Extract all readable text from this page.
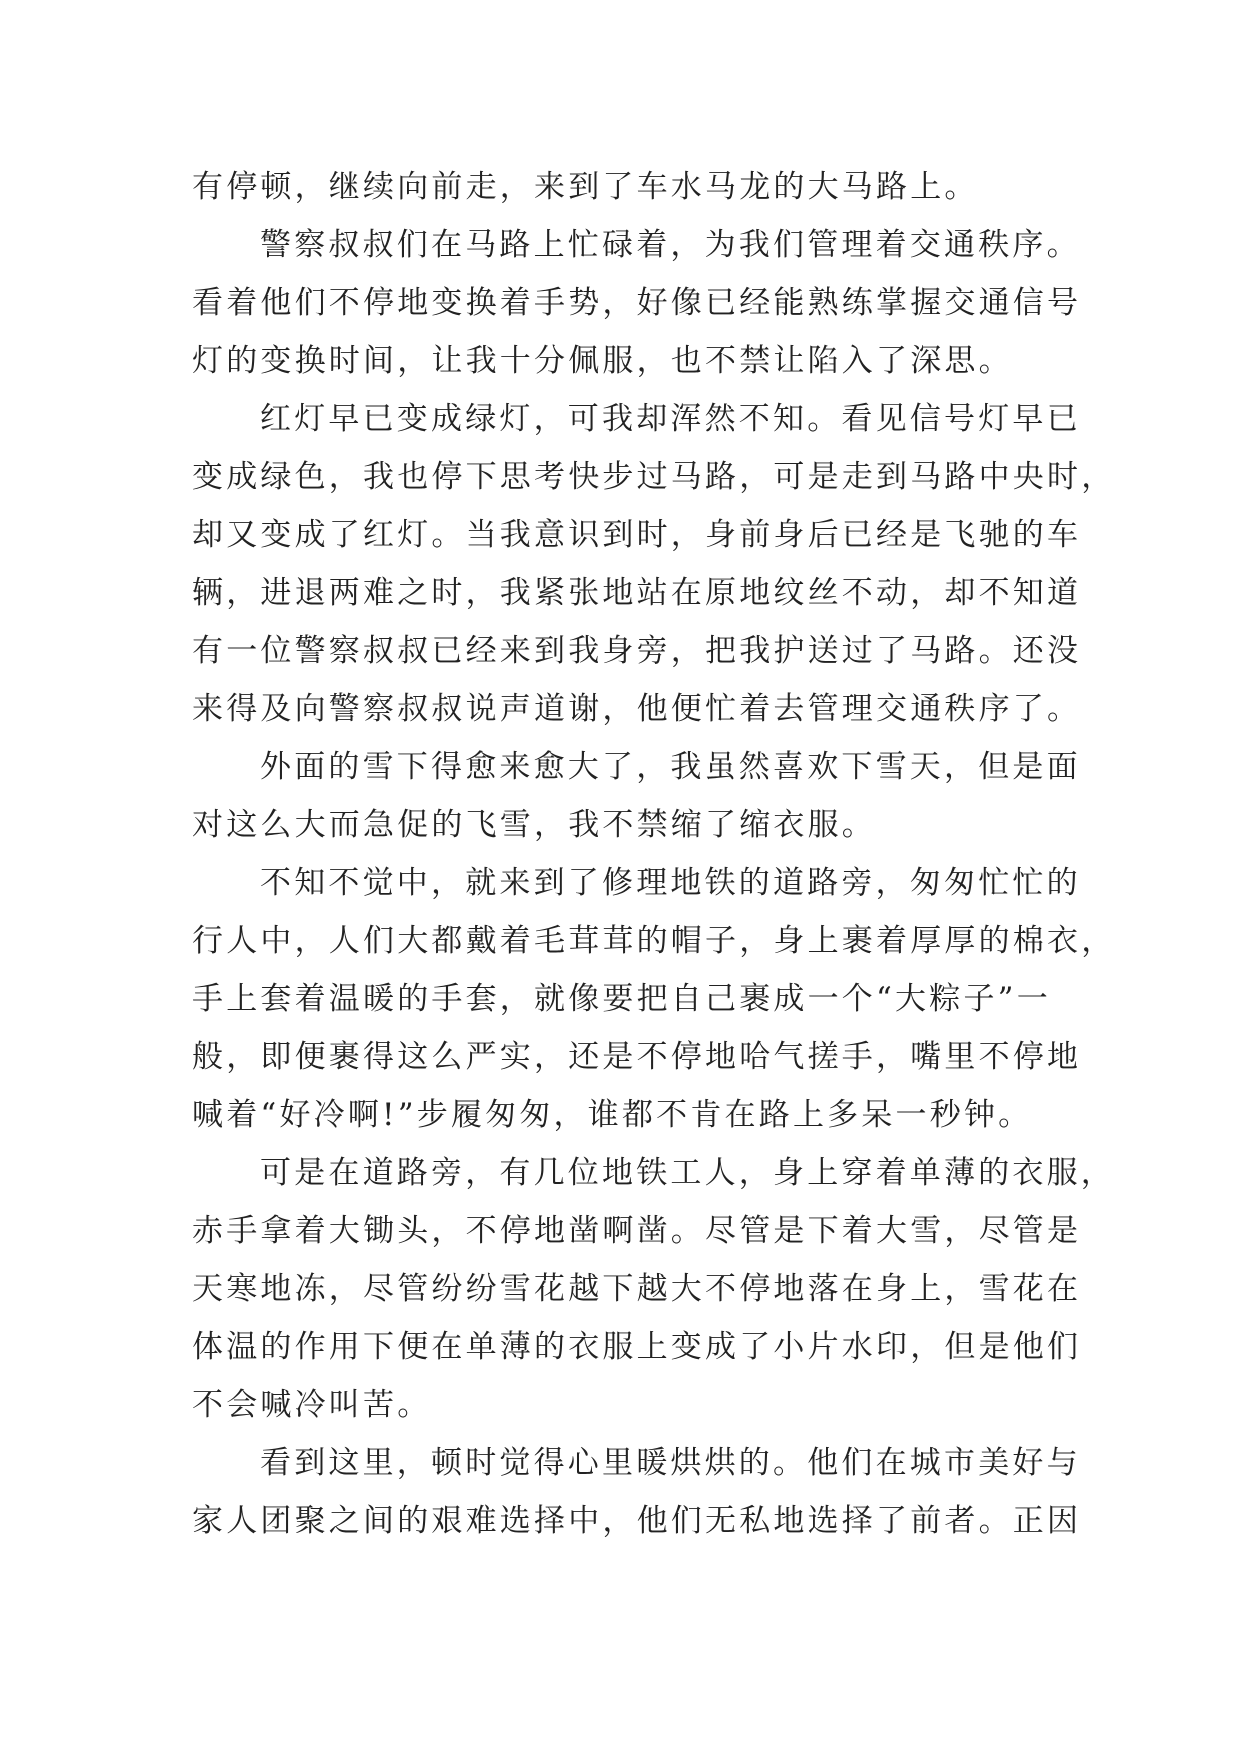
有停顿，继续向前走，来到了车水马龙的大马路上。
警察叔叔们在马路上忙碌着，为我们管理着交通秩序。
看着他们不停地变换着手势，好像已经能熟练掌握交通信号
灯的变换时间，让我十分佩服，也不禁让陷入了深思。
红灯早已变成绿灯，可我却浑然不知。看见信号灯早已
变成绿色，我也停下思考快步过马路，可是走到马路中央时，
却又变成了红灯。当我意识到时，身前身后已经是飞驰的车
辆，进退两难之时，我紧张地站在原地纹丝不动，却不知道
有一位警察叔叔已经来到我身旁，把我护送过了马路。还没
来得及向警察叔叔说声道谢，他便忙着去管理交通秩序了。
外面的雪下得愈来愈大了，我虽然喜欢下雪天，但是面
对这么大而急促的飞雪，我不禁缩了缩衣服。
不知不觉中，就来到了修理地铁的道路旁，匆匆忙忙的
行人中，人们大都戴着毛茸茸的帽子，身上裹着厚厚的棉衣，
手上套着温暖的手套，就像要把自己裹成一个“大粽子”一
般，即便裹得这么严实，还是不停地哈气搓手，嘴里不停地
喊着“好冷啊!”步履匆匆，谁都不肯在路上多呆一秒钟。
可是在道路旁，有几位地铁工人，身上穿着单薄的衣服，
赤手拿着大锄头，不停地凿啊凿。尽管是下着大雪，尽管是
天寒地冻，尽管纷纷雪花越下越大不停地落在身上，雪花在
体温的作用下便在单薄的衣服上变成了小片水印，但是他们
不会喊冷叫苦。
看到这里，顿时觉得心里暖烘烘的。他们在城市美好与
家人团聚之间的艰难选择中，他们无私地选择了前者。正因
